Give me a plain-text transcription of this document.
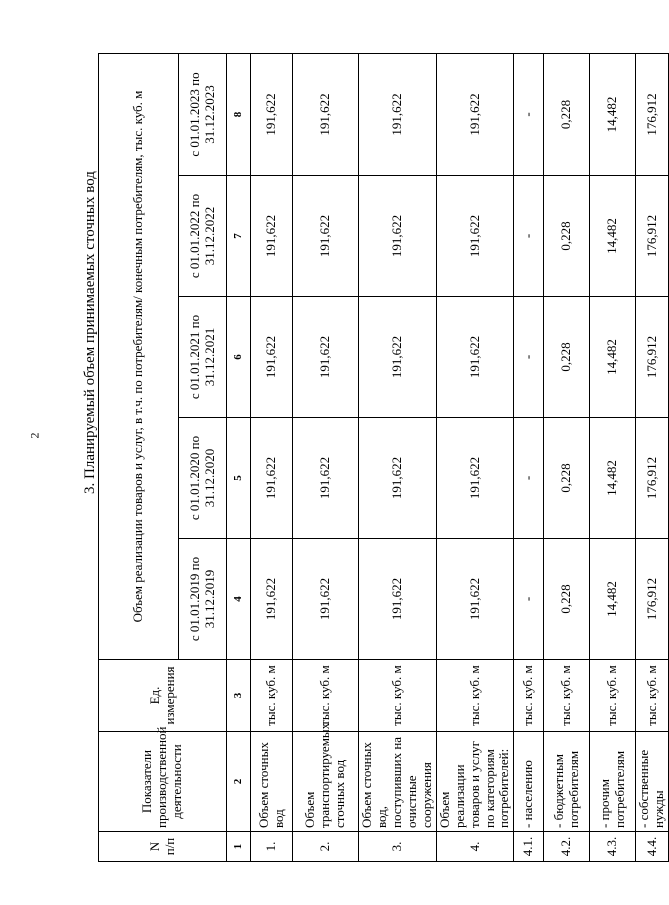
2	3. Планируемый объем принимаемых сточных вод
N п/п	Показатели производственной деятельности	Ед. измерения	Объем реализации товаров и услуг, в т.ч. по потребителям/ конечным потребителям, тыс. куб. м				
			с 01.01.2019 по 31.12.2019	с 01.01.2020 по 31.12.2020	с 01.01.2021 по 31.12.2021	с 01.01.2022 по 31.12.2022	с 01.01.2023 по 31.12.2023
1	2	3	4	5	6	7	8
1.	Объем сточных вод	тыс. куб. м	191,622	191,622	191,622	191,622	191,622
2.	Объем транспортируемых сточных вод	тыс. куб. м	191,622	191,622	191,622	191,622	191,622
3.	Объем сточных вод, поступивших на очистные сооружения	тыс. куб. м	191,622	191,622	191,622	191,622	191,622
4.	Объем реализации товаров и услуг по категориям потребителей:	тыс. куб. м	191,622	191,622	191,622	191,622	191,622
4.1.	- населению	тыс. куб. м	-	-	-	-	-
4.2.	- бюджетным потребителям	тыс. куб. м	0,228	0,228	0,228	0,228	0,228
4.3.	- прочим потребителям	тыс. куб. м	14,482	14,482	14,482	14,482	14,482
4.4.	- собственные нужды	тыс. куб. м	176,912	176,912	176,912	176,912	176,912
